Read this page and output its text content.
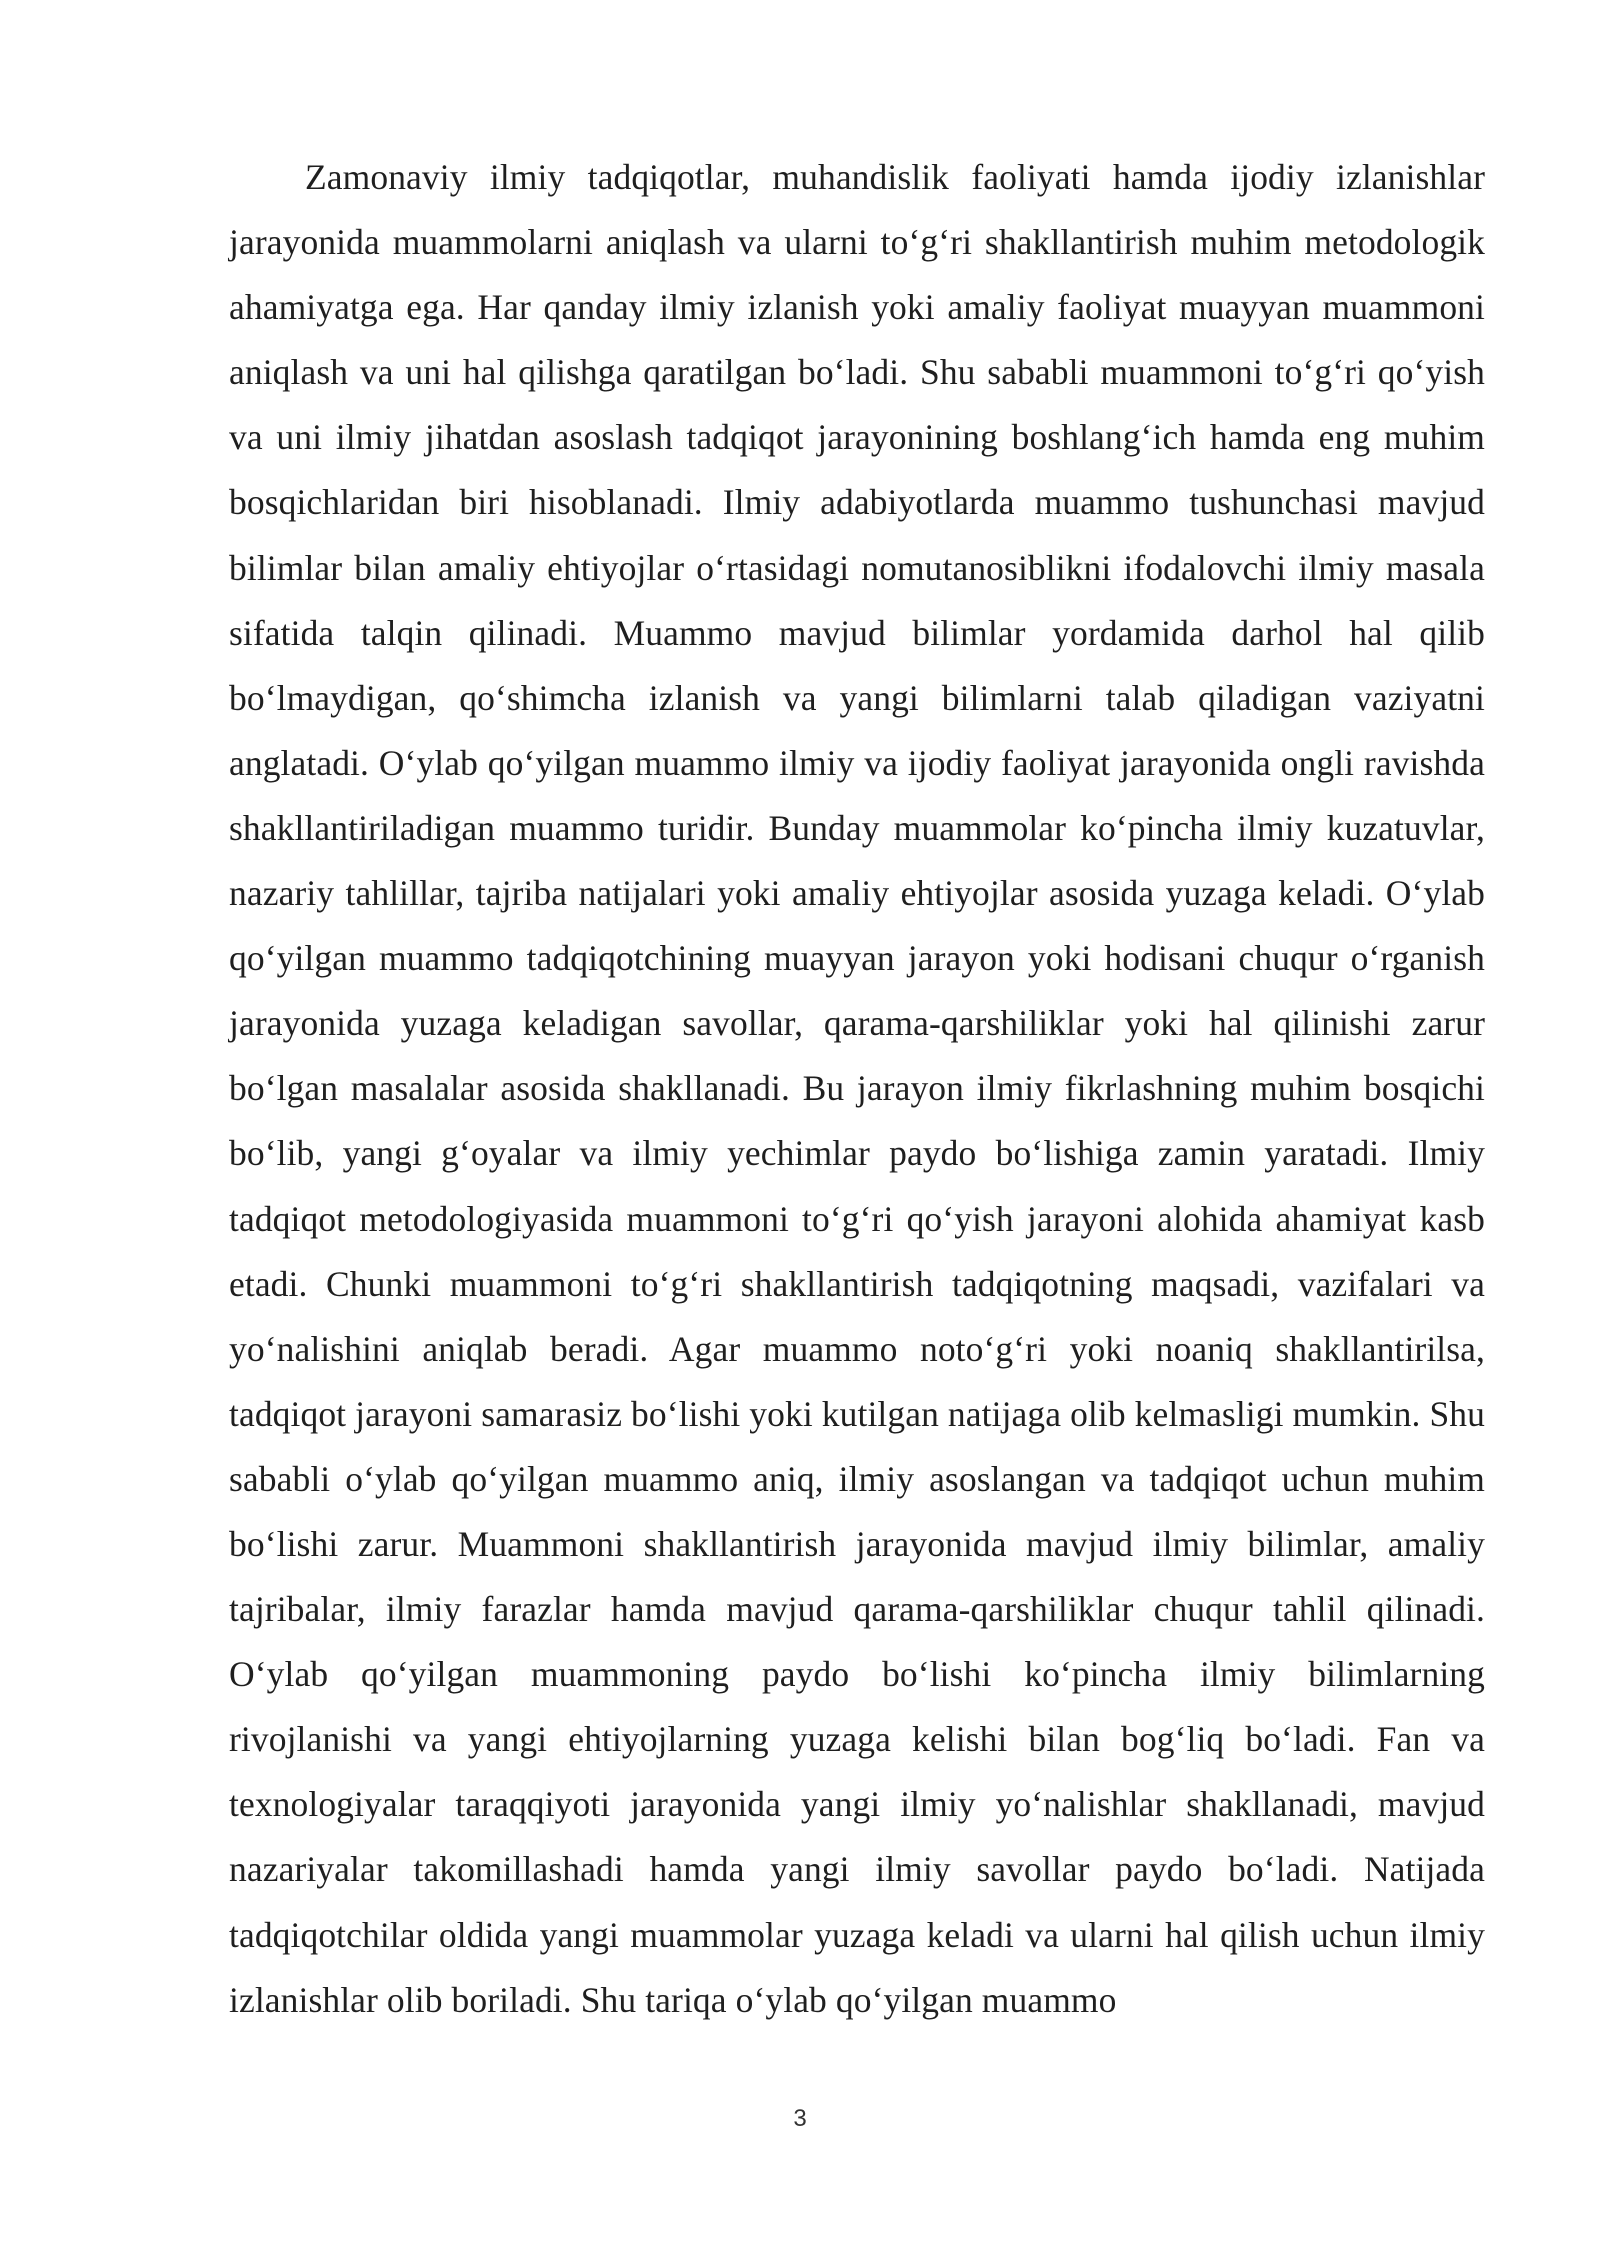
Zamonaviy ilmiy tadqiqotlar, muhandislik faoliyati hamda ijodiy izlanishlar jarayonida muammolarni aniqlash va ularni to‘g‘ri shakllantirish muhim metodologik ahamiyatga ega. Har qanday ilmiy izlanish yoki amaliy faoliyat muayyan muammoni aniqlash va uni hal qilishga qaratilgan bo‘ladi. Shu sababli muammoni to‘g‘ri qo‘yish va uni ilmiy jihatdan asoslash tadqiqot jarayonining boshlang‘ich hamda eng muhim bosqichlaridan biri hisoblanadi. Ilmiy adabiyotlarda muammo tushunchasi mavjud bilimlar bilan amaliy ehtiyojlar o‘rtasidagi nomutanosiblikni ifodalovchi ilmiy masala sifatida talqin qilinadi. Muammo mavjud bilimlar yordamida darhol hal qilib bo‘lmaydigan, qo‘shimcha izlanish va yangi bilimlarni talab qiladigan vaziyatni anglatadi. O‘ylab qo‘yilgan muammo ilmiy va ijodiy faoliyat jarayonida ongli ravishda shakllantiriladigan muammo turidir. Bunday muammolar ko‘pincha ilmiy kuzatuvlar, nazariy tahlillar, tajriba natijalari yoki amaliy ehtiyojlar asosida yuzaga keladi. O‘ylab qo‘yilgan muammo tadqiqotchining muayyan jarayon yoki hodisani chuqur o‘rganish jarayonida yuzaga keladigan savollar, qarama-qarshiliklar yoki hal qilinishi zarur bo‘lgan masalalar asosida shakllanadi. Bu jarayon ilmiy fikrlashning muhim bosqichi bo‘lib, yangi g‘oyalar va ilmiy yechimlar paydo bo‘lishiga zamin yaratadi. Ilmiy tadqiqot metodologiyasida muammoni to‘g‘ri qo‘yish jarayoni alohida ahamiyat kasb etadi. Chunki muammoni to‘g‘ri shakllantirish tadqiqotning maqsadi, vazifalari va yo‘nalishini aniqlab beradi. Agar muammo noto‘g‘ri yoki noaniq shakllantirilsa, tadqiqot jarayoni samarasiz bo‘lishi yoki kutilgan natijaga olib kelmasligi mumkin. Shu sababli o‘ylab qo‘yilgan muammo aniq, ilmiy asoslangan va tadqiqot uchun muhim bo‘lishi zarur. Muammoni shakllantirish jarayonida mavjud ilmiy bilimlar, amaliy tajribalar, ilmiy farazlar hamda mavjud qarama-qarshiliklar chuqur tahlil qilinadi. O‘ylab qo‘yilgan muammoning paydo bo‘lishi ko‘pincha ilmiy bilimlarning rivojlanishi va yangi ehtiyojlarning yuzaga kelishi bilan bog‘liq bo‘ladi. Fan va texnologiyalar taraqqiyoti jarayonida yangi ilmiy yo‘nalishlar shakllanadi, mavjud nazariyalar takomillashadi hamda yangi ilmiy savollar paydo bo‘ladi. Natijada tadqiqotchilar oldida yangi muammolar yuzaga keladi va ularni hal qilish uchun ilmiy izlanishlar olib boriladi. Shu tariqa o‘ylab qo‘yilgan muammo

3
